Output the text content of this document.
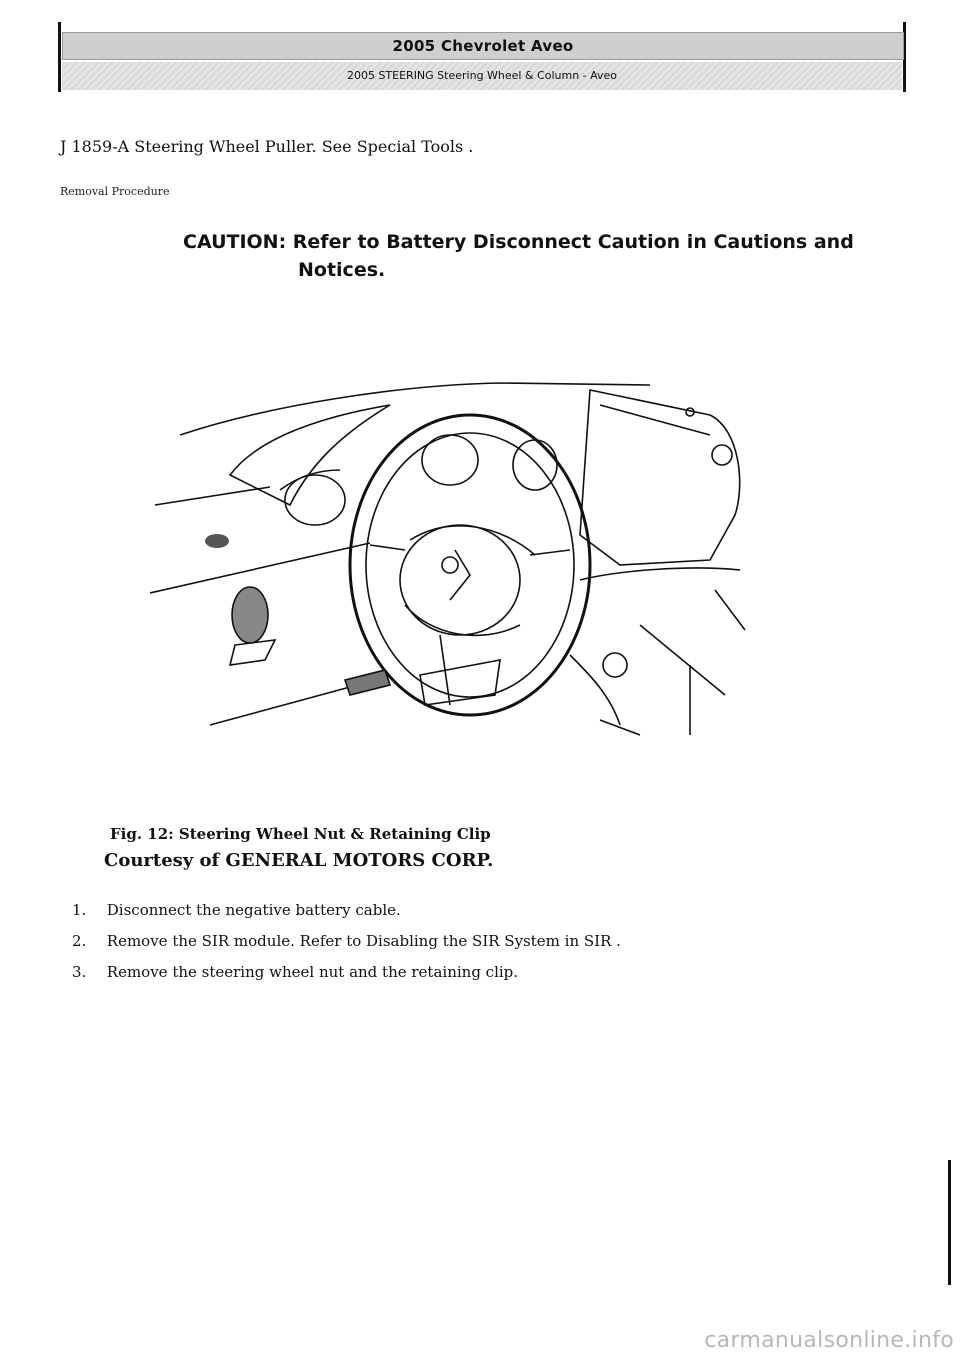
2005 Chevrolet Aveo
2005 STEERING Steering Wheel & Column - Aveo
J 1859-A Steering Wheel Puller. See Special Tools .
Removal Procedure
CAUTION: Refer to Battery Disconnect Caution in Cautions and
Notices.
Fig. 12: Steering Wheel Nut & Retaining Clip
Courtesy of GENERAL MOTORS CORP.
1. Disconnect the negative battery cable.
2. Remove the SIR module. Refer to Disabling the SIR System in SIR .
3. Remove the steering wheel nut and the retaining clip.
carmanualsonline.info
